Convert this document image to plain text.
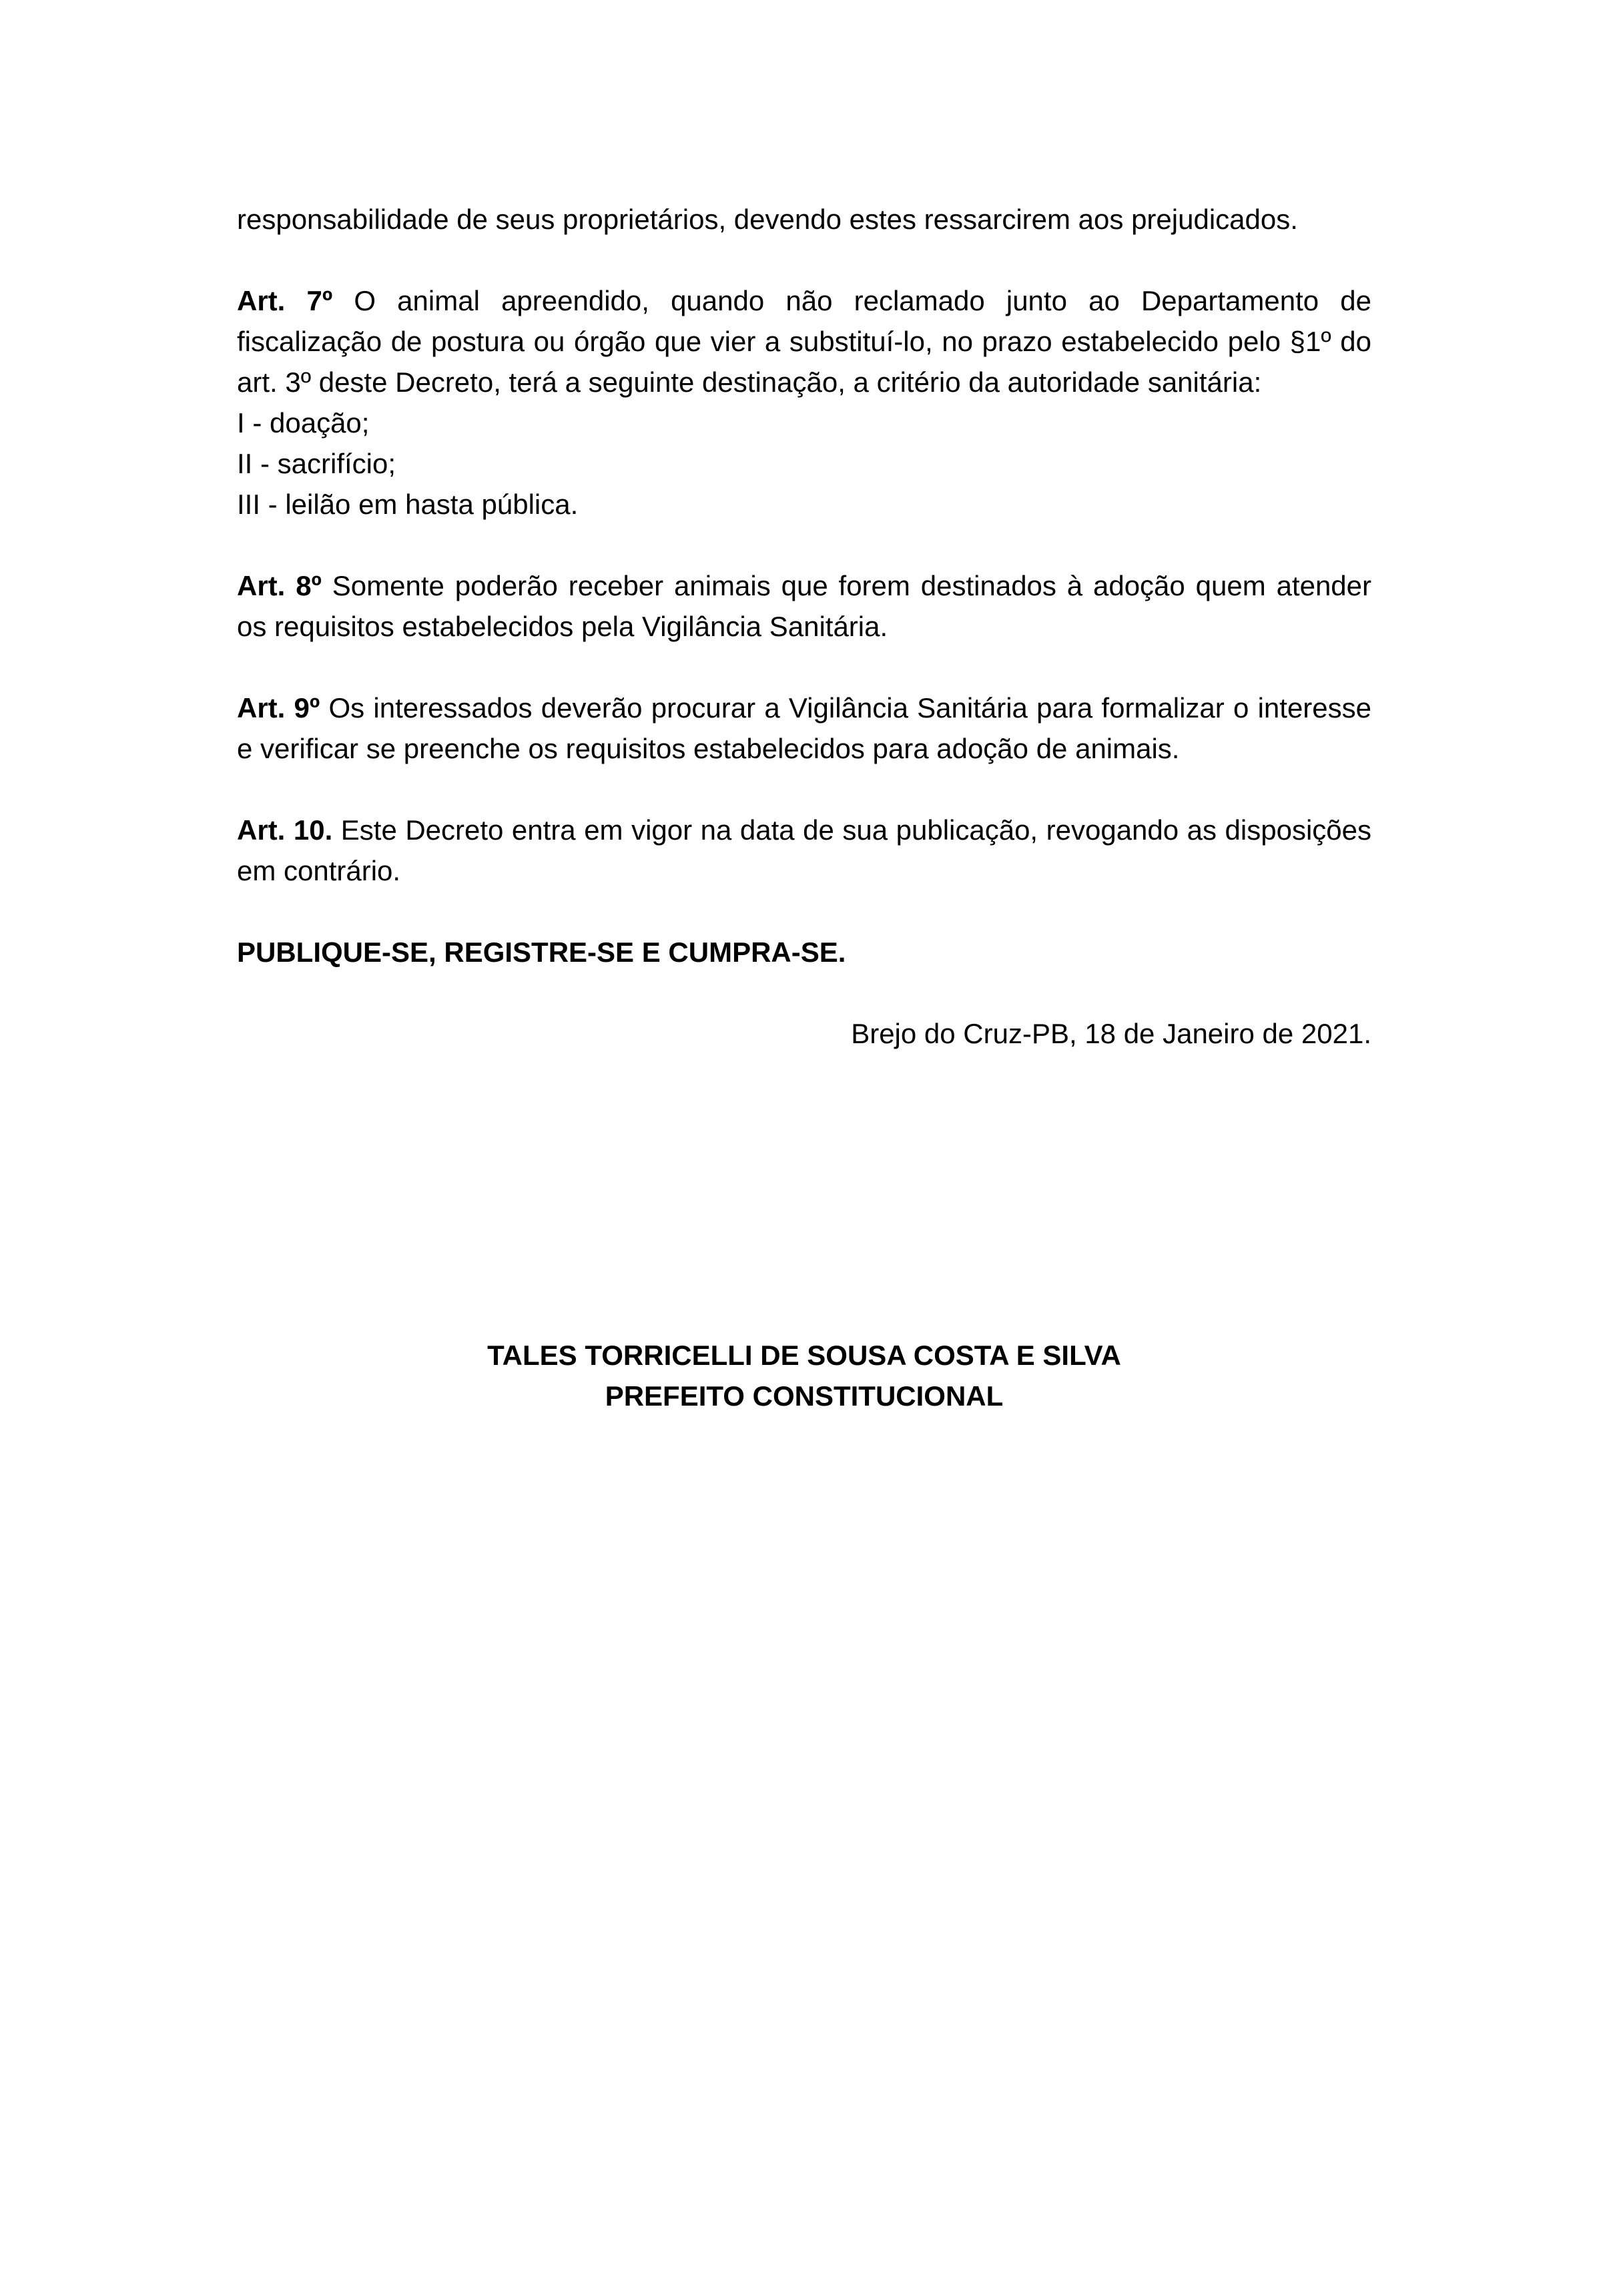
responsabilidade de seus proprietários, devendo estes ressarcirem aos prejudicados.

Art. 7º O animal apreendido, quando não reclamado junto ao Departamento de fiscalização de postura ou órgão que vier a substituí-lo, no prazo estabelecido pelo §1º do art. 3º deste Decreto, terá a seguinte destinação, a critério da autoridade sanitária:
I - doação;
II - sacrifício;
III - leilão em hasta pública.

Art. 8º Somente poderão receber animais que forem destinados à adoção quem atender os requisitos estabelecidos pela Vigilância Sanitária.

Art. 9º Os interessados deverão procurar a Vigilância Sanitária para formalizar o interesse e verificar se preenche os requisitos estabelecidos para adoção de animais.

Art. 10. Este Decreto entra em vigor na data de sua publicação, revogando as disposições em contrário.

PUBLIQUE-SE, REGISTRE-SE E CUMPRA-SE.

Brejo do Cruz-PB, 18 de Janeiro de 2021.

TALES TORRICELLI DE SOUSA COSTA E SILVA
PREFEITO CONSTITUCIONAL
